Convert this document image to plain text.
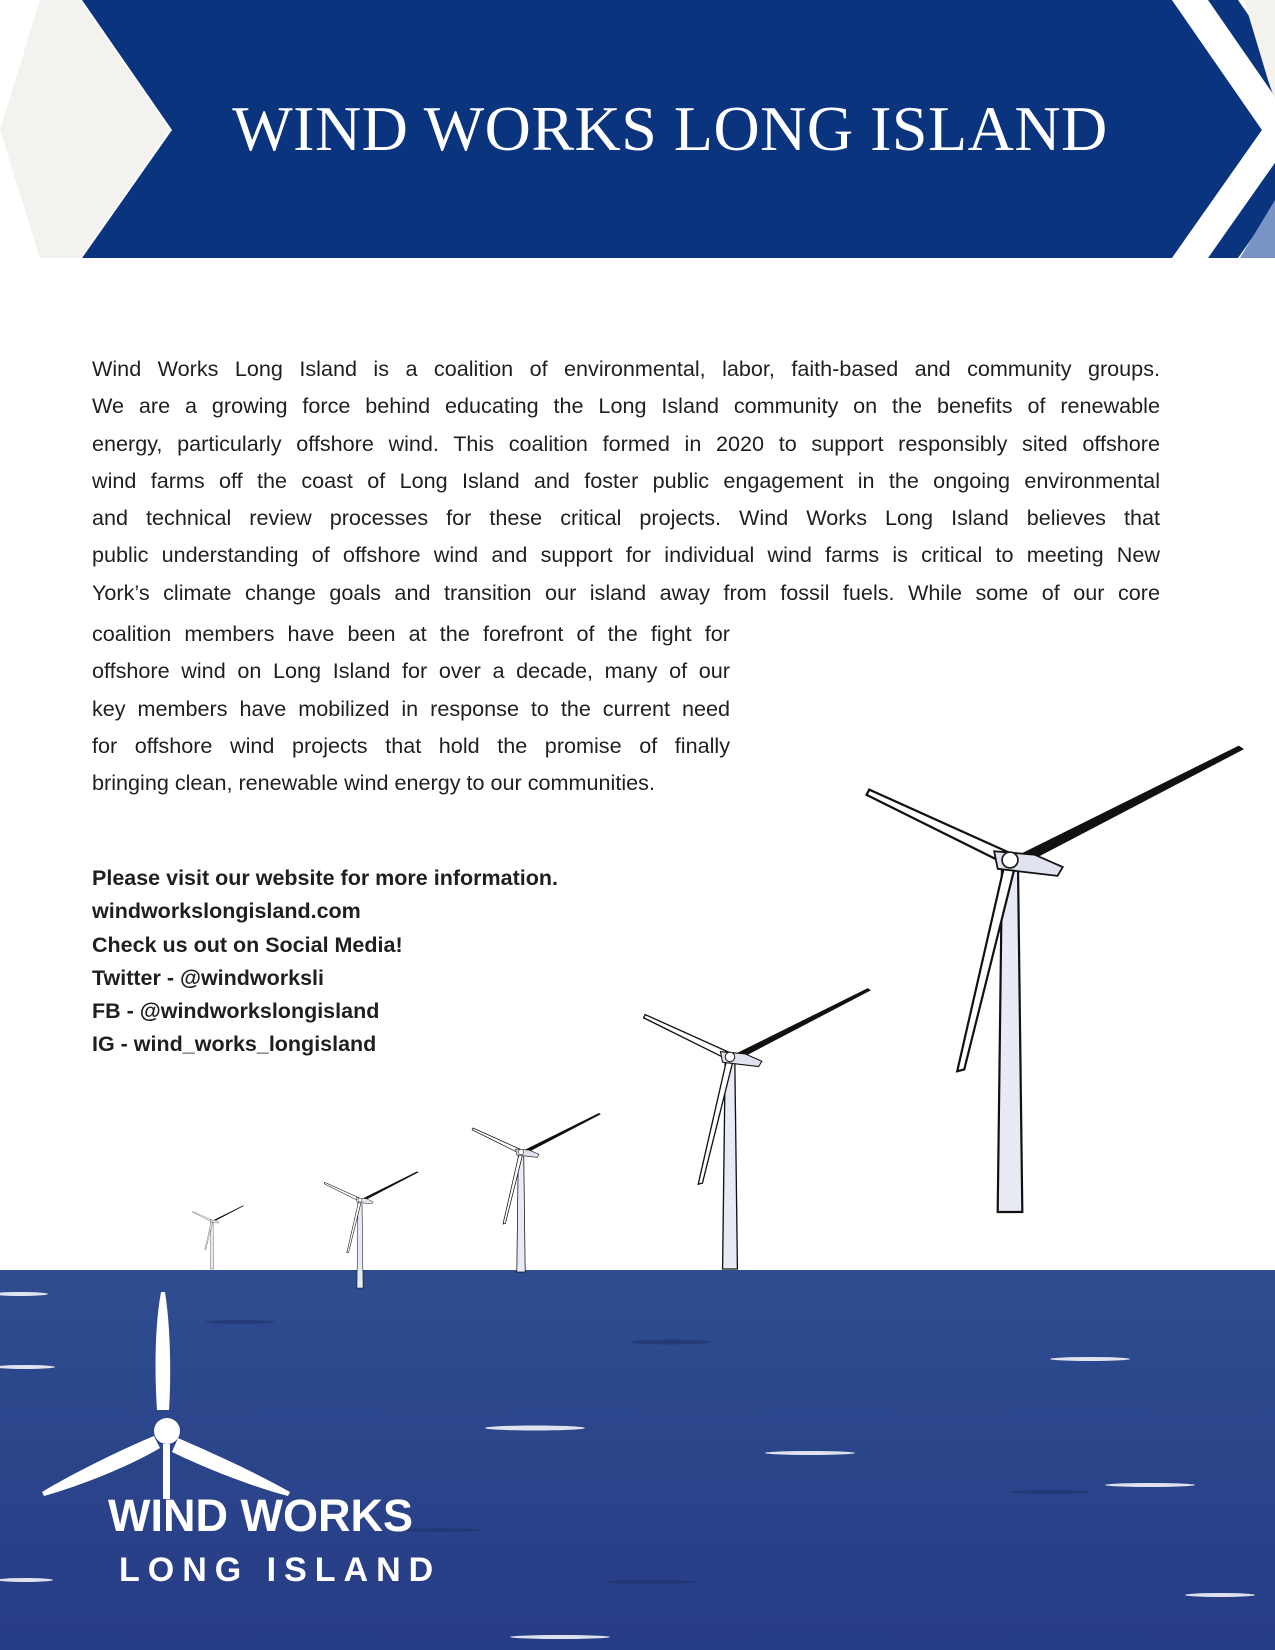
WIND WORKS LONG ISLAND
Wind Works Long Island is a coalition of environmental, labor, faith-based and community groups.
We are a growing force behind educating the Long Island community on the benefits of renewable
energy, particularly offshore wind. This coalition formed in 2020 to support responsibly sited offshore
wind farms off the coast of Long Island and foster public engagement in the ongoing environmental
and technical review processes for these critical projects. Wind Works Long Island believes that
public understanding of offshore wind and support for individual wind farms is critical to meeting New
York’s climate change goals and transition our island away from fossil fuels. While some of our core
coalition members have been at the forefront of the fight for
offshore wind on Long Island for over a decade, many of our
key members have mobilized in response to the current need
for offshore wind projects that hold the promise of finally
bringing clean, renewable wind energy to our communities.
Please visit our website for more information.
windworkslongisland.com
Check us out on Social Media!
Twitter - @windworksli
FB - @windworkslongisland
IG - wind_works_longisland
WIND WORKS
LONG ISLAND
